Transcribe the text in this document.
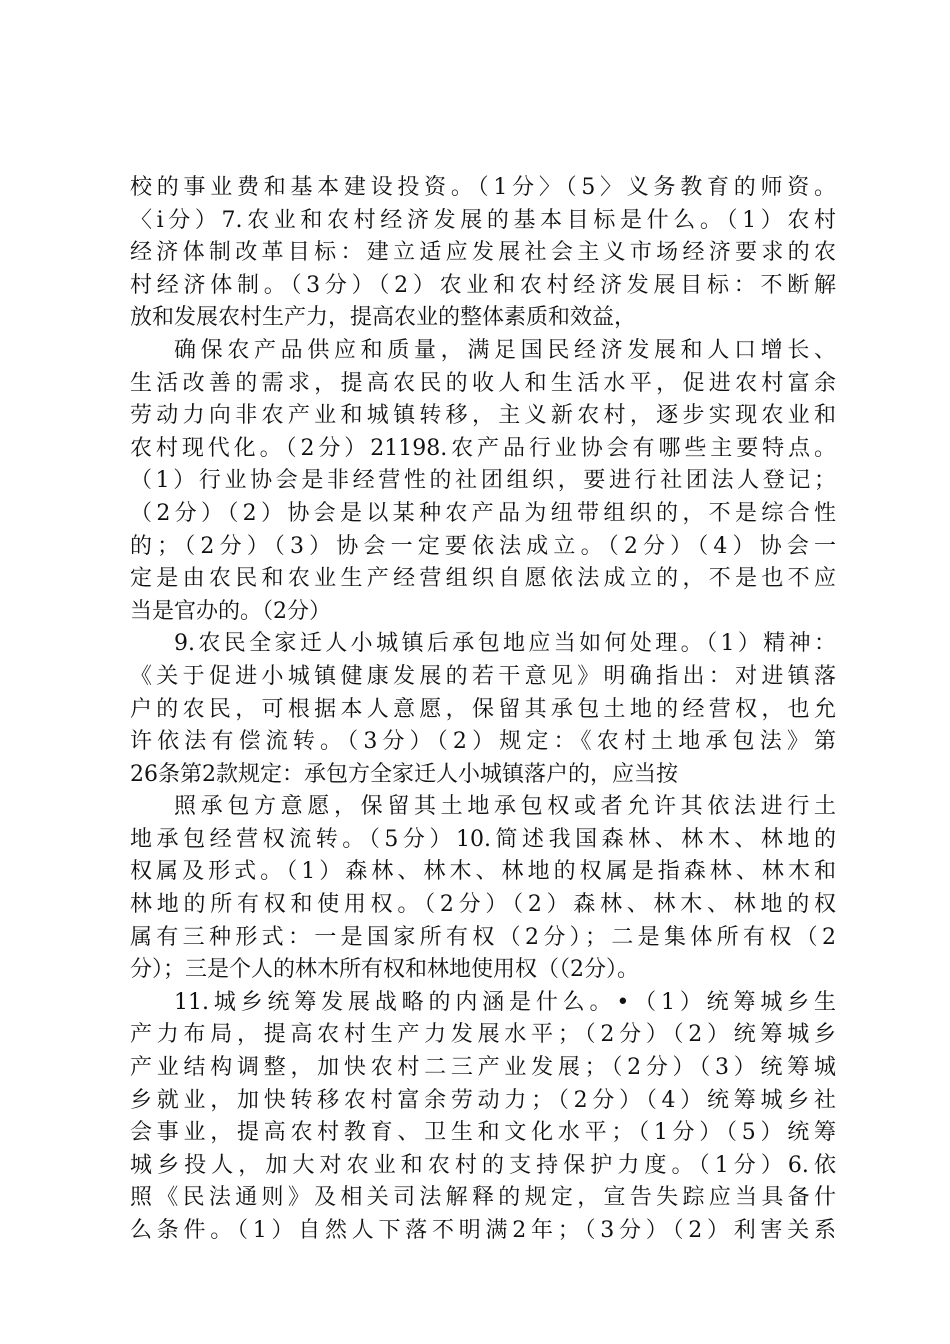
校的事业费和基本建设投资。（1分〉（5〉义务教育的师资。
〈i分）7.农业和农村经济发展的基本目标是什么。（1）农村
经济体制改革目标：建立适应发展社会主义市场经济要求的农
村经济体制。（3分）（2）农业和农村经济发展目标：不断解
放和发展农村生产力，提高农业的整体素质和效益，
确保农产品供应和质量，满足国民经济发展和人口增长、
生活改善的需求，提高农民的收人和生活水平，促进农村富余
劳动力向非农产业和城镇转移，主义新农村，逐步实现农业和
农村现代化。（2分）21198.农产品行业协会有哪些主要特点。
（1）行业协会是非经营性的社团组织，要进行社团法人登记；
（2分）（2）协会是以某种农产品为纽带组织的，不是综合性
的；（2分）（3）协会一定要依法成立。（2分）（4）协会一
定是由农民和农业生产经营组织自愿依法成立的，不是也不应
当是官办的。（2分）
9.农民全家迁人小城镇后承包地应当如何处理。（1）精神：
《关于促进小城镇健康发展的若干意见》明确指出：对进镇落
户的农民，可根据本人意愿，保留其承包土地的经营权，也允
许依法有偿流转。（3分）（2）规定：《农村土地承包法》第
26条第2款规定：承包方全家迁人小城镇落户的，应当按
照承包方意愿，保留其土地承包权或者允许其依法进行土
地承包经营权流转。（5分）10.简述我国森林、林木、林地的
权属及形式。（1）森林、林木、林地的权属是指森林、林木和
林地的所有权和使用权。（2分）（2）森林、林木、林地的权
属有三种形式：一是国家所有权（2分）；二是集体所有权（2
分）；三是个人的林木所有权和林地使用权（（2分）。
11.城乡统筹发展战略的内涵是什么。•（1）统筹城乡生
产力布局，提高农村生产力发展水平；（2分）（2）统筹城乡
产业结构调整，加快农村二三产业发展；（2分）（3）统筹城
乡就业，加快转移农村富余劳动力；（2分）（4）统筹城乡社
会事业，提高农村教育、卫生和文化水平；（1分）（5）统筹
城乡投人，加大对农业和农村的支持保护力度。（1分）6.依
照《民法通则》及相关司法解释的规定，宣告失踪应当具备什
么条件。（1）自然人下落不明满2年；（3分）（2）利害关系
